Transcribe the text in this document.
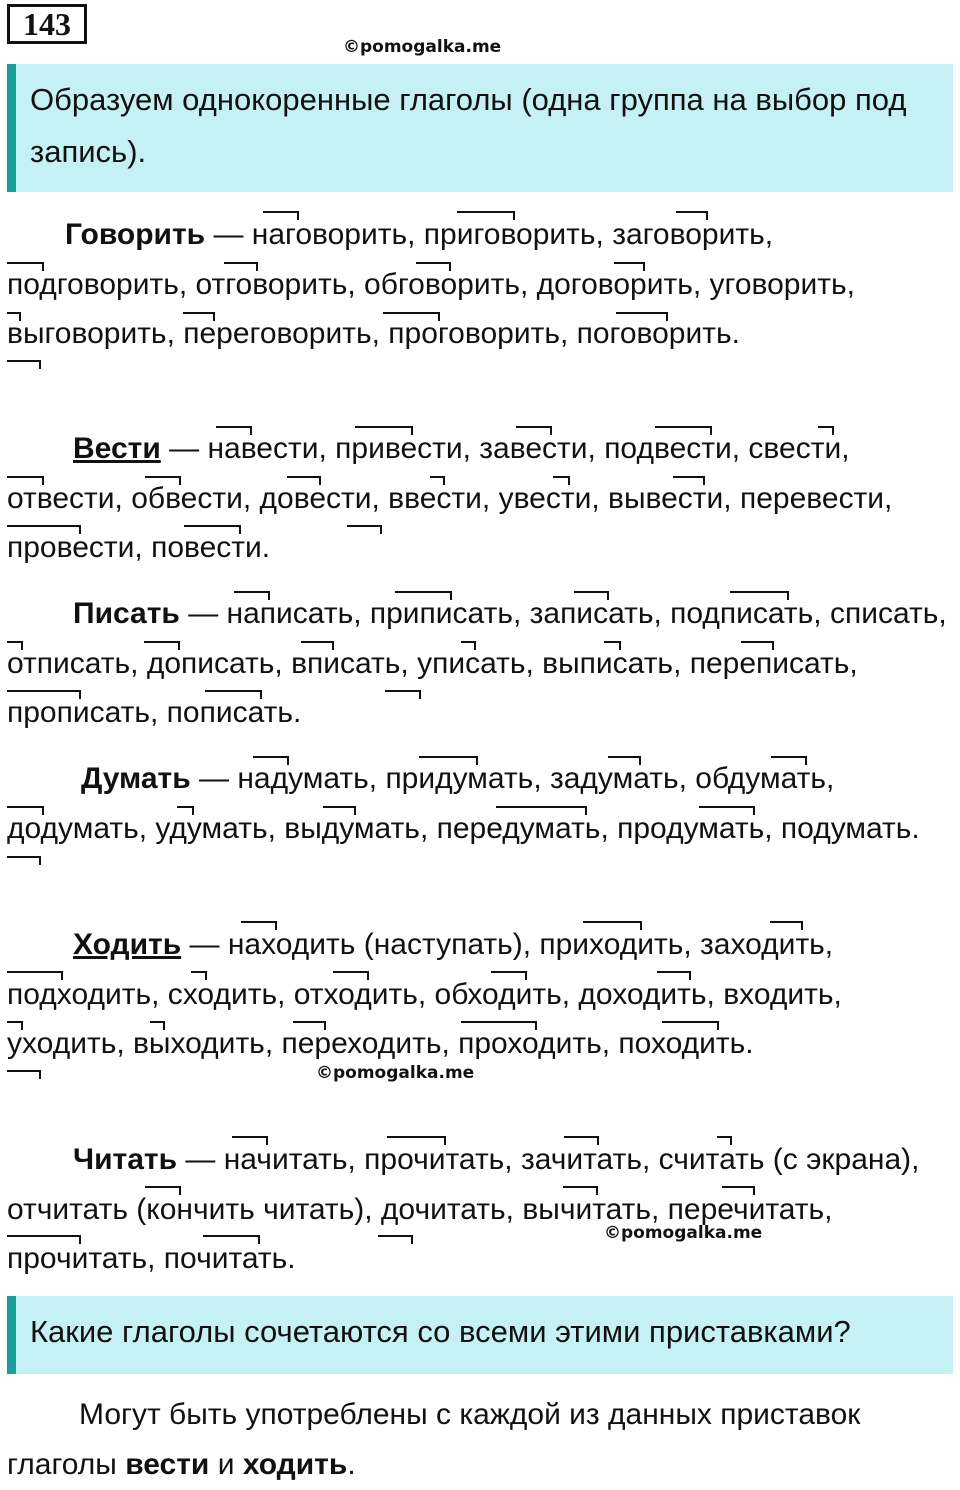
143
©pomogalka.me
Образуем однокоренные глаголы (одна группа на выбор под запись).
Говорить — наговорить, приговорить, заговорить, подговорить, отговорить, обговорить, договорить, уговорить, выговорить, переговорить, проговорить, поговорить.
Вести — навести, привести, завести, подвести, свести, отвести, обвести, довести, ввести, увести, вывести, перевести, провести, повести.
Писать — написать, приписать, записать, подписать, списать, отписать, дописать, вписать, уписать, выписать, переписать, прописать, пописать.
Думать — надумать, придумать, задумать, обдумать, додумать, удумать, выдумать, передумать, продумать, подумать.
Ходить — находить (наступать), приходить, заходить, подходить, сходить, отходить, обходить, доходить, входить, уходить, выходить, переходить, проходить, походить.
©pomogalka.me
Читать — начитать, прочитать, зачитать, считать (с экрана), отчитать (кончить читать), дочитать, вычитать, перечитать, прочитать, почитать.
©pomogalka.me
Какие глаголы сочетаются со всеми этими приставками?
Могут быть употреблены с каждой из данных приставок глаголы вести и ходить.
